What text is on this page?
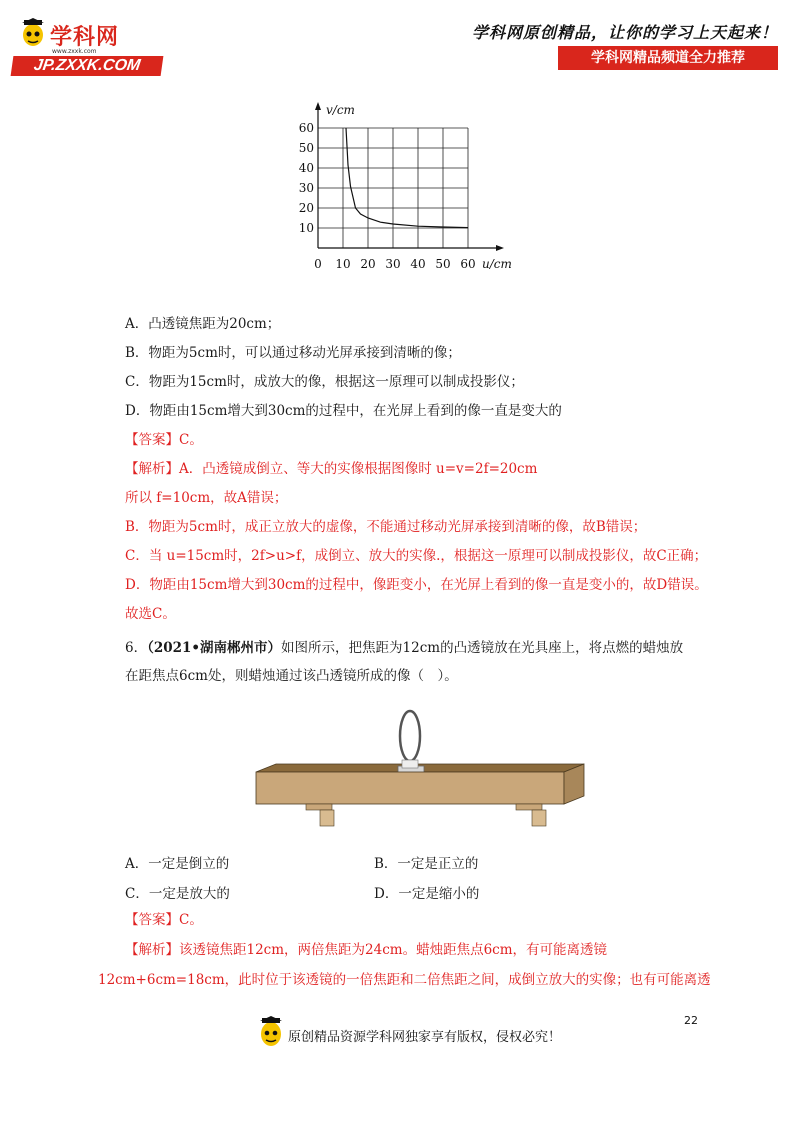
学科网
www.zxxk.com
JP.ZXXK.COM
学科网原创精品，让你的学习上天起来！
学科网精品频道全力推荐
0 10 20 30 40 50 60
10
20
30
40
50
60
u/cm
v/cm
A．凸透镜焦距为20cm；
B．物距为5cm时，可以通过移动光屏承接到清晰的像；
C．物距为15cm时，成放大的像，根据这一原理可以制成投影仪；
D．物距由15cm增大到30cm的过程中，在光屏上看到的像一直是变大的
【答案】C。
【解析】A．凸透镜成倒立、等大的实像根据图像时 u=v=2f=20cm
所以 f=10cm，故A错误；
B．物距为5cm时，成正立放大的虚像，不能通过移动光屏承接到清晰的像，故B错误；
C．当 u=15cm时，2f>u>f，成倒立、放大的实像.，根据这一原理可以制成投影仪，故C正确；
D．物距由15cm增大到30cm的过程中，像距变小，在光屏上看到的像一直是变小的，故D错误。
故选C。
6．（2021•湖南郴州市）如图所示，把焦距为12cm的凸透镜放在光具座上，将点燃的蜡烛放
在距焦点6cm处，则蜡烛通过该凸透镜所成的像（　）。
A．一定是倒立的	B．一定是正立的
C．一定是放大的	D．一定是缩小的
【答案】C。
【解析】该透镜焦距12cm，两倍焦距为24cm。蜡烛距焦点6cm，有可能离透镜
12cm+6cm=18cm，此时位于该透镜的一倍焦距和二倍焦距之间，成倒立放大的实像；也有可能离透
22
原创精品资源学科网独家享有版权，侵权必究！
